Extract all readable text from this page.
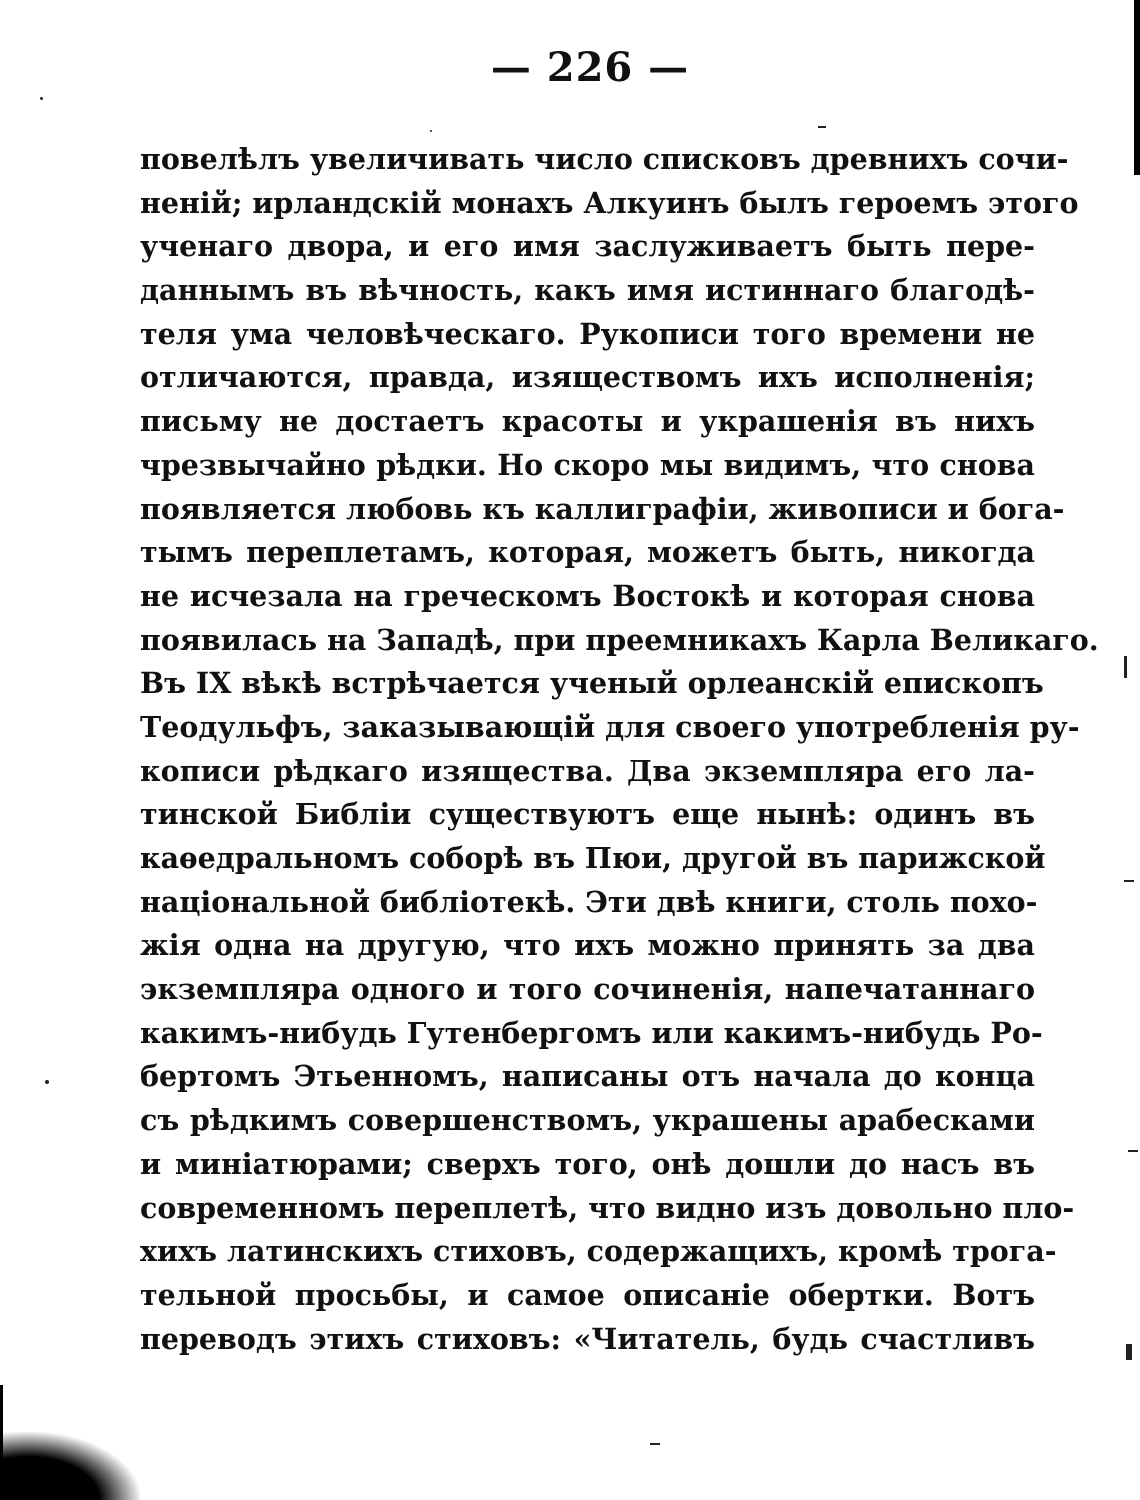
— 226 —
повелѣлъ увеличивать число списковъ древнихъ сочи-
неній; ирландскій монахъ Алкуинъ былъ героемъ этого
ученаго двора, и его имя заслуживаетъ быть пере-
даннымъ въ вѣчность, какъ имя истиннаго благодѣ-
теля ума человѣческаго. Рукописи того времени не
отличаются, правда, изяществомъ ихъ исполненія;
письму не достаетъ красоты и украшенія въ нихъ
чрезвычайно рѣдки. Но скоро мы видимъ, что снова
появляется любовь къ каллиграфіи, живописи и бога-
тымъ переплетамъ, которая, можетъ быть, никогда
не исчезала на греческомъ Востокѣ и которая снова
появилась на Западѣ, при преемникахъ Карла Великаго.
Въ IX вѣкѣ встрѣчается ученый орлеанскій епископъ
Теодульфъ, заказывающій для своего употребленія ру-
кописи рѣдкаго изящества. Два экземпляра его ла-
тинской Библіи существуютъ еще нынѣ: одинъ въ
каѳедральномъ соборѣ въ Пюи, другой въ парижской
національной библіотекѣ. Эти двѣ книги, столь похо-
жія одна на другую, что ихъ можно принять за два
экземпляра одного и того сочиненія, напечатаннаго
какимъ-нибудь Гутенбергомъ или какимъ-нибудь Ро-
бертомъ Этьенномъ, написаны отъ начала до конца
съ рѣдкимъ совершенствомъ, украшены арабесками
и миніатюрами; сверхъ того, онѣ дошли до насъ въ
современномъ переплетѣ, что видно изъ довольно пло-
хихъ латинскихъ стиховъ, содержащихъ, кромѣ трога-
тельной просьбы, и самое описаніе обертки. Вотъ
переводъ этихъ стиховъ: «Читатель, будь счастливъ
